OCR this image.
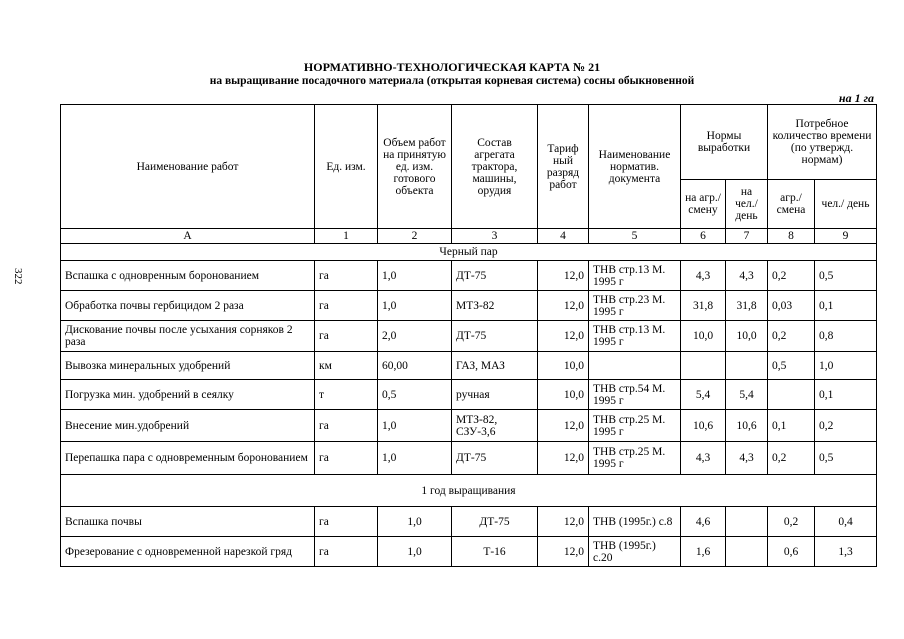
322
НОРМАТИВНО-ТЕХНОЛОГИЧЕСКАЯ КАРТА № 21
на выращивание посадочного материала (открытая корневая система) сосны обыкновенной
на 1 га
Наименование работ	Ед. изм.	Объем работ на принятую ед. изм. готового объекта	Состав агрегата трактора, машины, орудия	Тариф ный разряд работ	Наименование норматив. документа	Нормы выработки		Потребное количество времени (по утвержд. нормам)	
						на агр./ смену	на чел./ день	агр./ смена	чел./ день
А	1	2	3	4	5	6	7	8	9
Черный пар									
Вспашка с одновренным боронованием	га	1,0	ДТ-75	12,0	ТНВ стр.13 М. 1995 г	4,3	4,3	0,2	0,5
Обработка почвы гербицидом 2 раза	га	1,0	МТЗ-82	12,0	ТНВ стр.23 М. 1995 г	31,8	31,8	0,03	0,1
Дискование почвы после усыхания сорняков 2 раза	га	2,0	ДТ-75	12,0	ТНВ стр.13 М. 1995 г	10,0	10,0	0,2	0,8
Вывозка минеральных удобрений	км	60,00	ГАЗ, МАЗ	10,0				0,5	1,0
Погрузка мин. удобрений в сеялку	т	0,5	ручная	10,0	ТНВ стр.54 М. 1995 г	5,4	5,4		0,1
Внесение мин.удобрений	га	1,0	МТЗ-82, СЗУ-3,6	12,0	ТНВ стр.25 М. 1995 г	10,6	10,6	0,1	0,2
Перепашка пара с одновременным боронованием	га	1,0	ДТ-75	12,0	ТНВ стр.25 М. 1995 г	4,3	4,3	0,2	0,5
1 год выращивания									
Вспашка почвы	га	1,0	ДТ-75	12,0	ТНВ (1995г.) с.8	4,6		0,2	0,4
Фрезерование с одновременной нарезкой гряд	га	1,0	Т-16	12,0	ТНВ (1995г.) с.20	1,6		0,6	1,3
